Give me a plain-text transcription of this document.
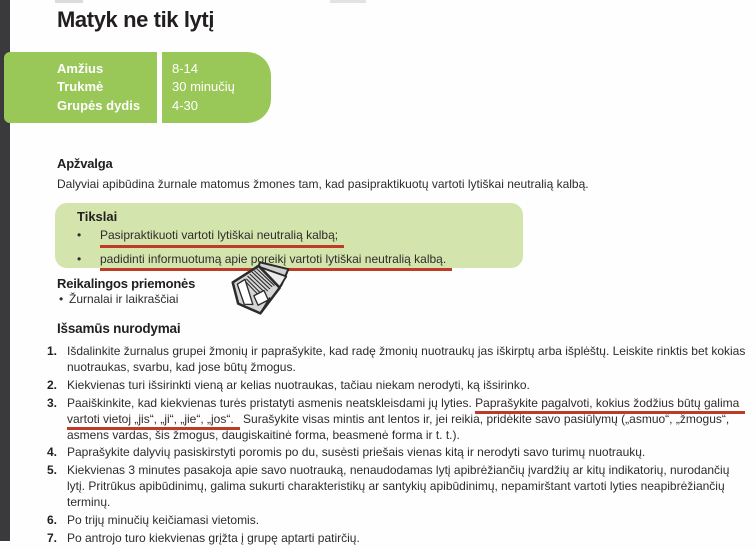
Matyk ne tik lytį
Amžius
Trukmė
Grupės dydis
8-14
30 minučių
4-30
Apžvalga
Dalyviai apibūdina žurnale matomus žmones tam, kad pasipraktikuotų vartoti lytiškai neutralią kalbą.
Tikslai
•	Pasipraktikuoti vartoti lytiškai neutralią kalbą;
•	padidinti informuotumą apie poreikį vartoti lytiškai neutralią kalbą.
Reikalingos priemonės
• Žurnalai ir laikraščiai
Išsamūs nurodymai
1. Išdalinkite žurnalus grupei žmonių ir paprašykite, kad radę žmonių nuotraukų jas iškirptų arba išplėštų. Leiskite rinktis bet kokias nuotraukas, svarbu, kad jose būtų žmogus.
2. Kiekvienas turi išsirinkti vieną ar kelias nuotraukas, tačiau niekam nerodyti, ką išsirinko.
3. Paaiškinkite, kad kiekvienas turės pristatyti asmenis neatskleisdami jų lyties. Paprašykite pagalvoti, kokius žodžius būtų galima vartoti vietoj „jis“, „ji“, „jie“, „jos“. Surašykite visas mintis ant lentos ir, jei reikia, pridėkite savo pasiūlymų („asmuo“, „žmogus“, asmens vardas, šis žmogus, daugiskaitinė forma, beasmenė forma ir t. t.).
4. Paprašykite dalyvių pasiskirstyti poromis po du, susėsti priešais vienas kitą ir nerodyti savo turimų nuotraukų.
5. Kiekvienas 3 minutes pasakoja apie savo nuotrauką, nenaudodamas lytį apibrėžiančių įvardžių ar kitų indikatorių, nurodančių lytį. Pritrūkus apibūdinimų, galima sukurti charakteristikų ar santykių apibūdinimų, nepamirštant vartoti lyties neapibrėžiančių terminų.
6. Po trijų minučių keičiamasi vietomis.
7. Po antrojo turo kiekvienas grįžta į grupę aptarti patirčių.
